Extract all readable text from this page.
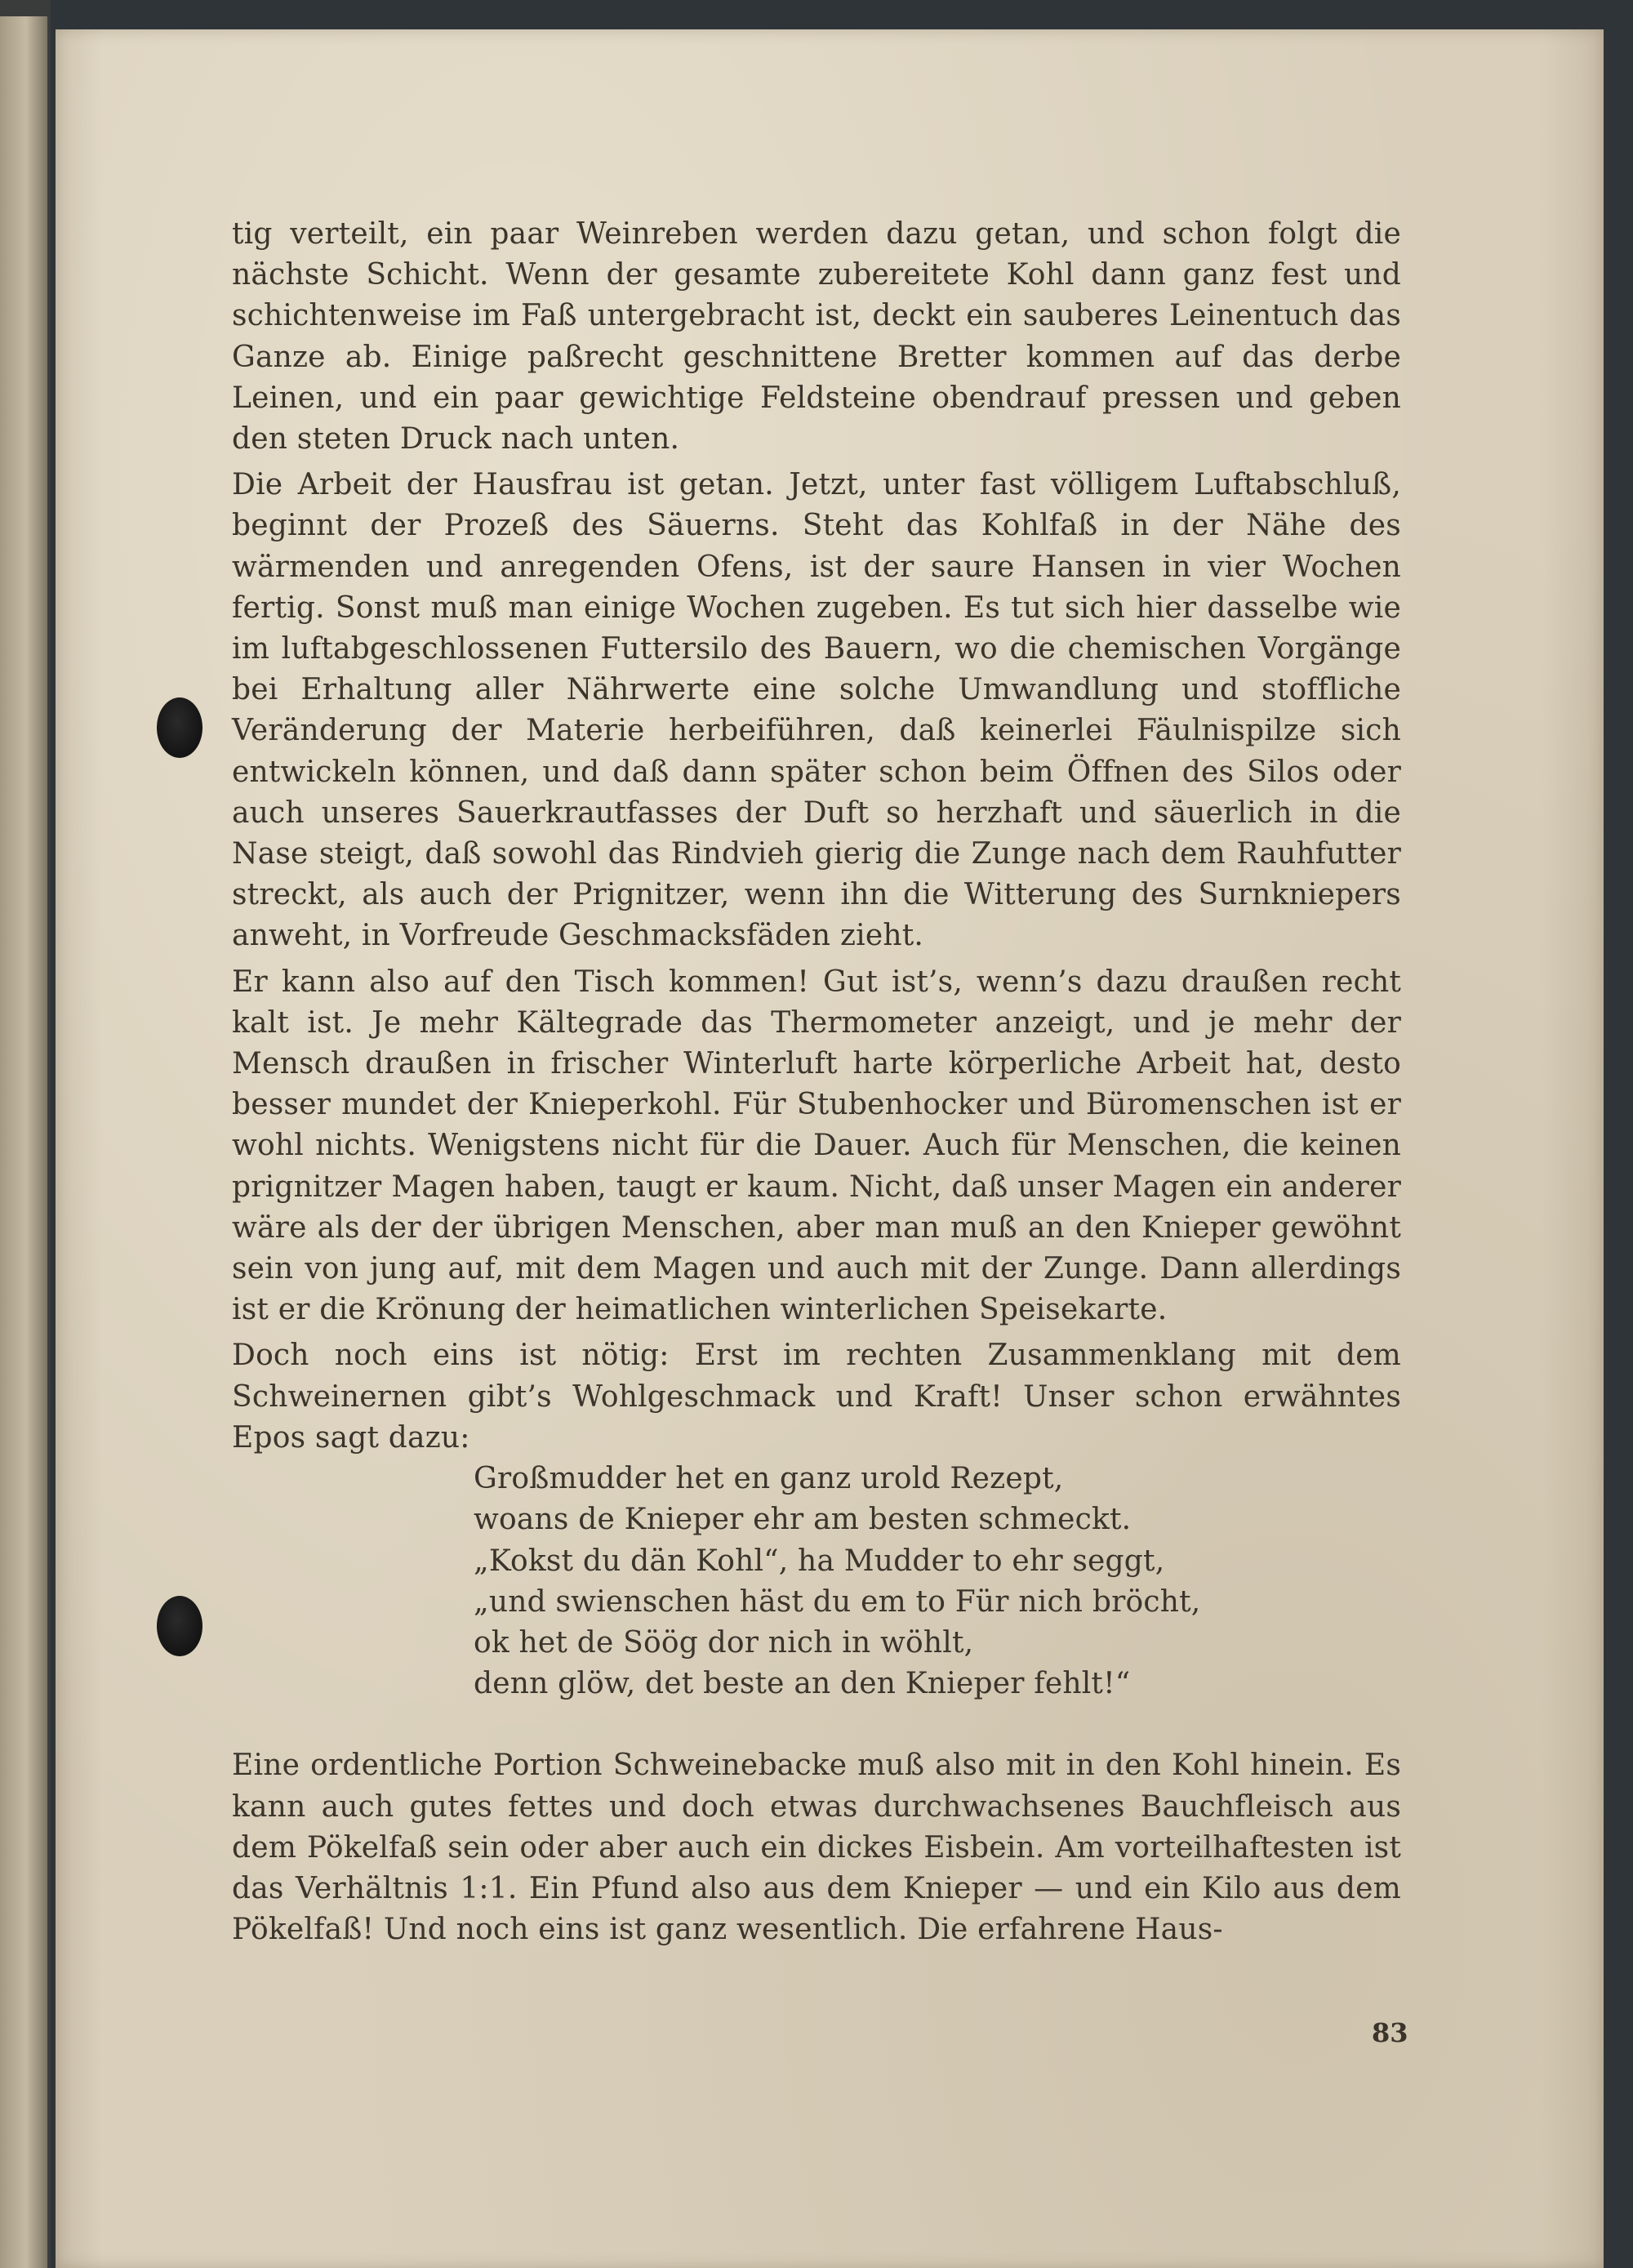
tig verteilt, ein paar Weinreben werden dazu getan, und schon folgt die nächste Schicht. Wenn der gesamte zubereitete Kohl dann ganz fest und schichtenweise im Faß untergebracht ist, deckt ein sauberes Leinentuch das Ganze ab. Einige paßrecht geschnittene Bretter kommen auf das derbe Leinen, und ein paar gewichtige Feldsteine obendrauf pressen und geben den steten Druck nach unten.

Die Arbeit der Hausfrau ist getan. Jetzt, unter fast völligem Luftabschluß, beginnt der Prozeß des Säuerns. Steht das Kohlfaß in der Nähe des wärmenden und anregenden Ofens, ist der saure Hansen in vier Wochen fertig. Sonst muß man einige Wochen zugeben. Es tut sich hier dasselbe wie im luftabgeschlossenen Futtersilo des Bauern, wo die chemischen Vorgänge bei Erhaltung aller Nährwerte eine solche Umwandlung und stoffliche Veränderung der Materie herbeiführen, daß keinerlei Fäulnispilze sich entwickeln können, und daß dann später schon beim Öffnen des Silos oder auch unseres Sauerkrautfasses der Duft so herzhaft und säuerlich in die Nase steigt, daß sowohl das Rindvieh gierig die Zunge nach dem Rauhfutter streckt, als auch der Prignitzer, wenn ihn die Witterung des Surnkniepers anweht, in Vorfreude Geschmacksfäden zieht.

Er kann also auf den Tisch kommen! Gut ist’s, wenn’s dazu draußen recht kalt ist. Je mehr Kältegrade das Thermometer anzeigt, und je mehr der Mensch draußen in frischer Winterluft harte körperliche Arbeit hat, desto besser mundet der Knieperkohl. Für Stubenhocker und Büromenschen ist er wohl nichts. Wenigstens nicht für die Dauer. Auch für Menschen, die keinen prignitzer Magen haben, taugt er kaum. Nicht, daß unser Magen ein anderer wäre als der der übrigen Menschen, aber man muß an den Knieper gewöhnt sein von jung auf, mit dem Magen und auch mit der Zunge. Dann allerdings ist er die Krönung der heimatlichen winterlichen Speisekarte.

Doch noch eins ist nötig: Erst im rechten Zusammenklang mit dem Schweinernen gibt’s Wohlgeschmack und Kraft! Unser schon erwähntes Epos sagt dazu:

Großmudder het en ganz urold Rezept,
woans de Knieper ehr am besten schmeckt.
„Kokst du dän Kohl“, ha Mudder to ehr seggt,
„und swienschen häst du em to Für nich bröcht,
ok het de Söög dor nich in wöhlt,
denn glöw, det beste an den Knieper fehlt!“

Eine ordentliche Portion Schweinebacke muß also mit in den Kohl hinein. Es kann auch gutes fettes und doch etwas durchwachsenes Bauchfleisch aus dem Pökelfaß sein oder aber auch ein dickes Eisbein. Am vorteilhaftesten ist das Verhältnis 1:1. Ein Pfund also aus dem Knieper — und ein Kilo aus dem Pökelfaß! Und noch eins ist ganz wesentlich. Die erfahrene Haus-

83
